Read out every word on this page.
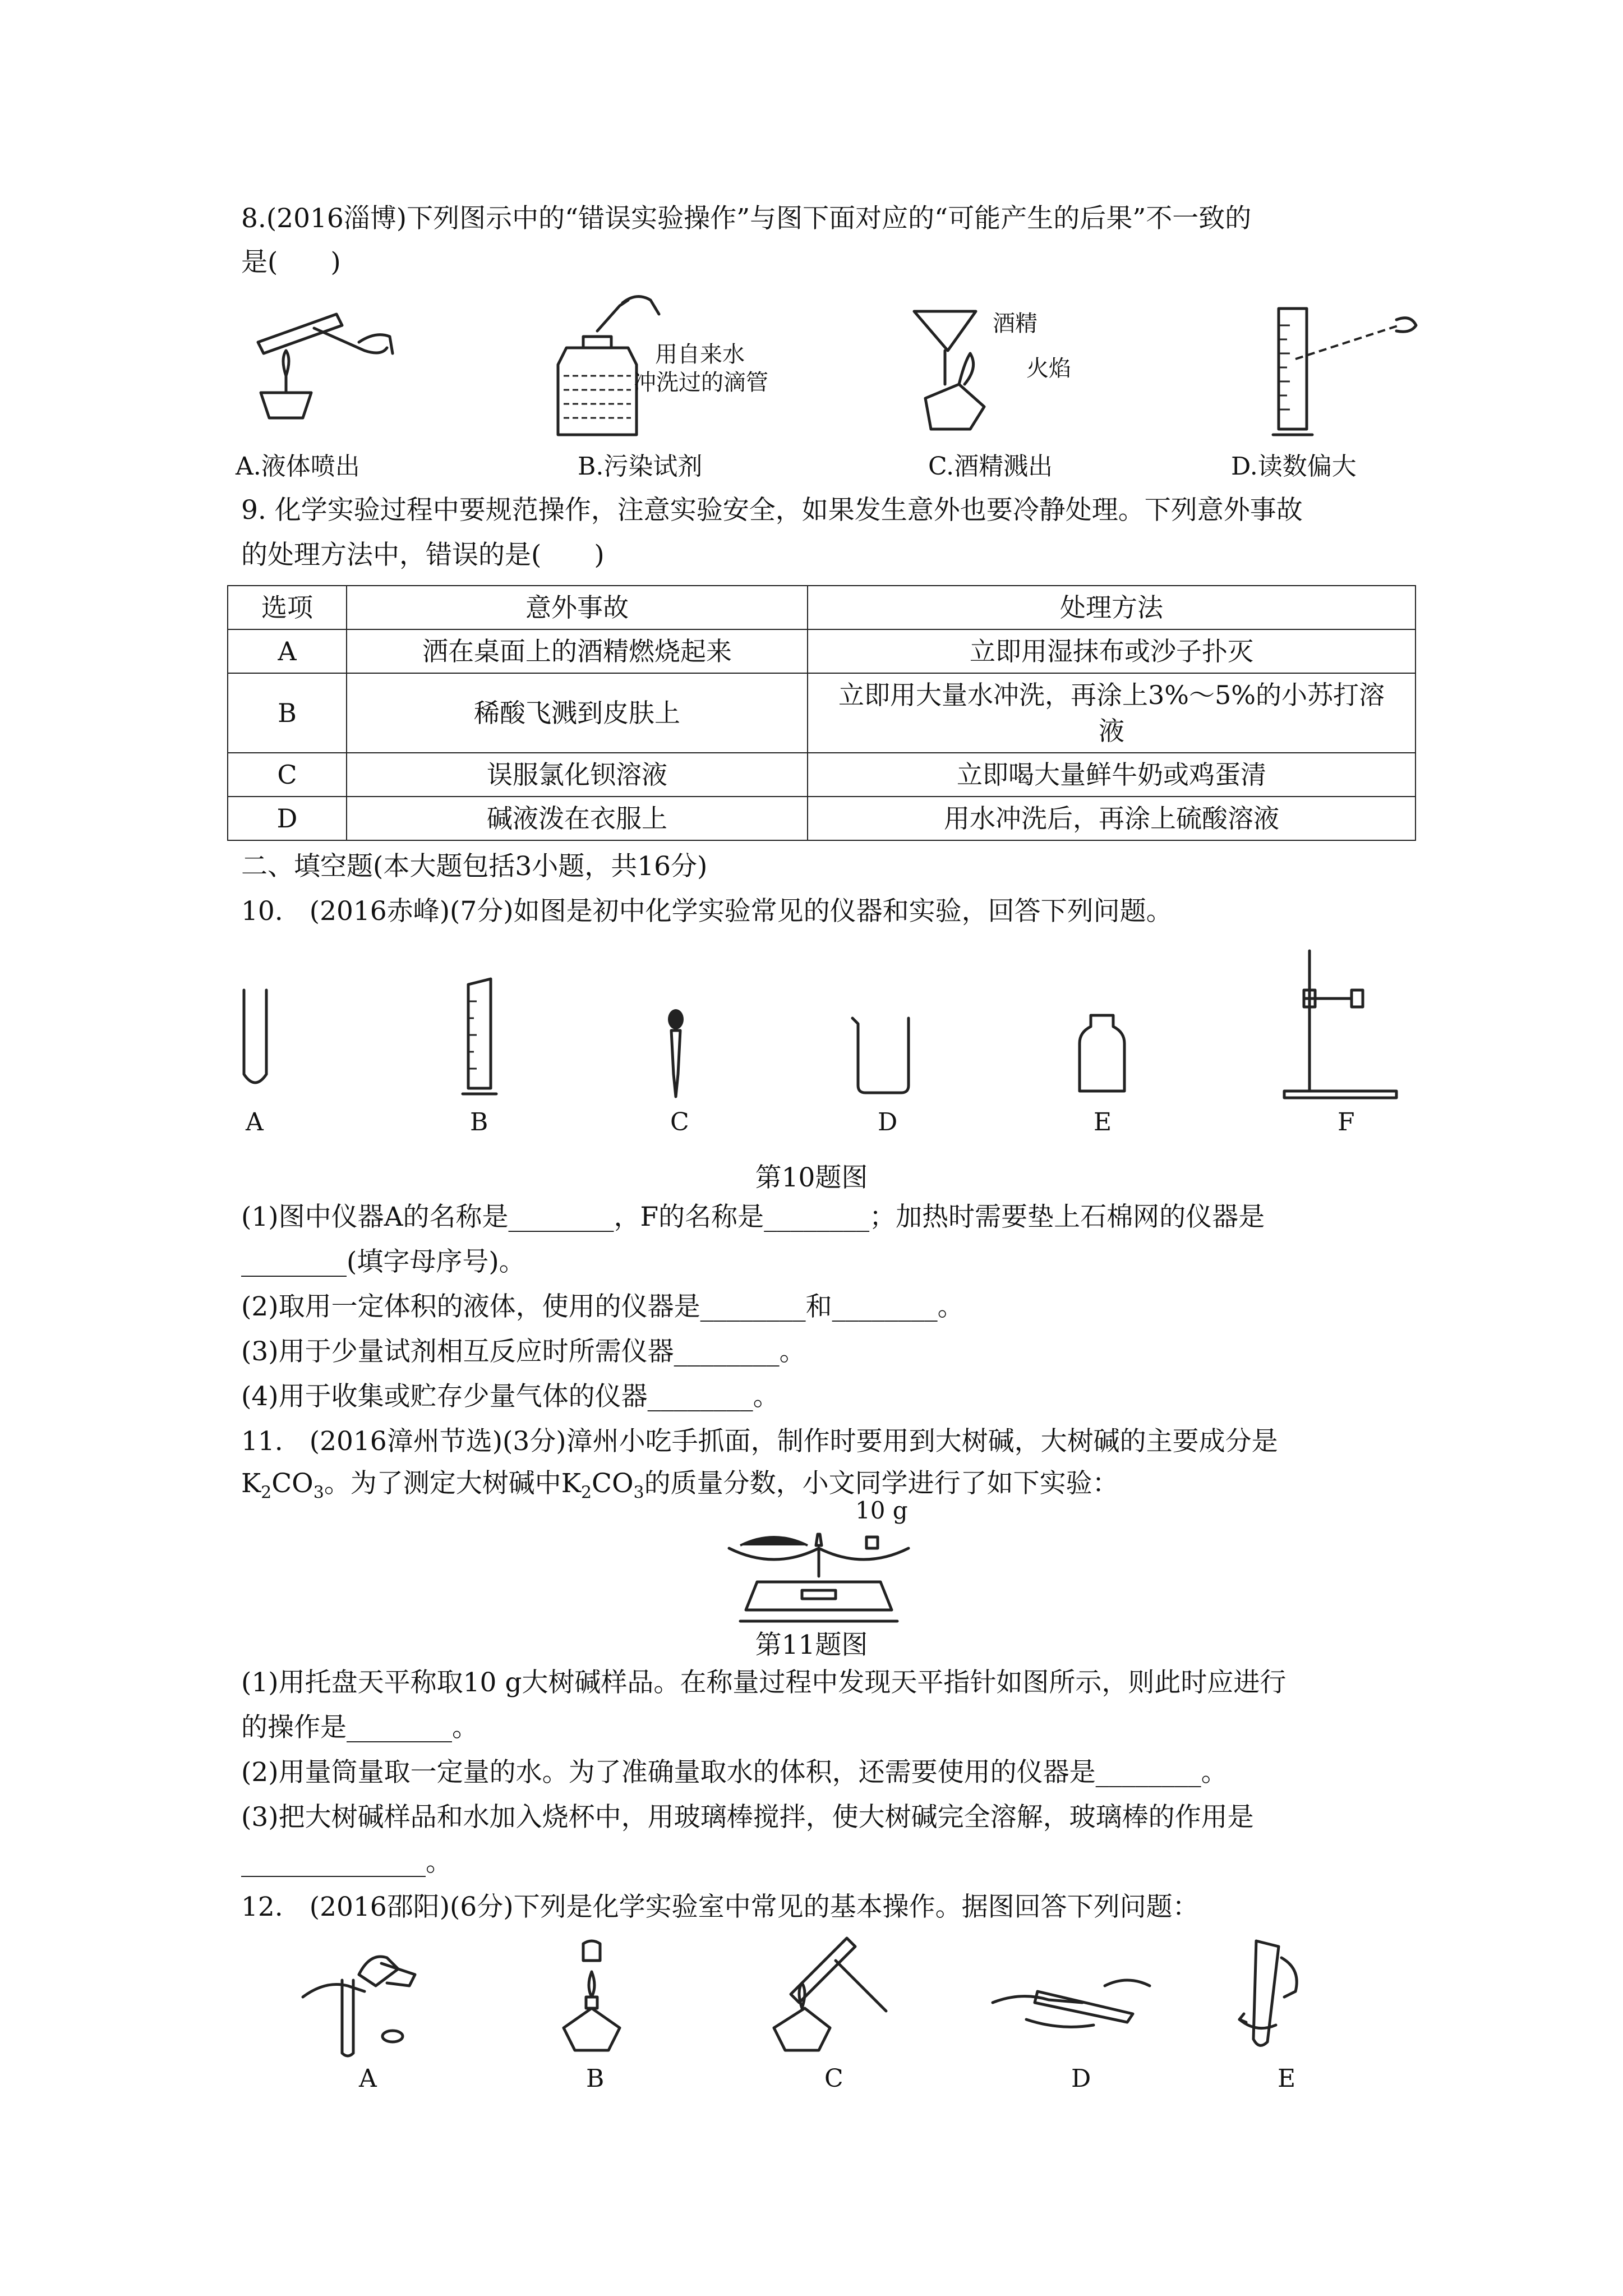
8.(2016淄博)下列图示中的“错误实验操作”与图下面对应的“可能产生的后果”不一致的
是(　　)
A.液体喷出
用自来水
冲洗过的滴管
B.污染试剂
酒精
火焰
C.酒精溅出	D.读数偏大
9. 化学实验过程中要规范操作，注意实验安全，如果发生意外也要冷静处理。下列意外事故
的处理方法中，错误的是(　　)
选项	意外事故	处理方法
A	洒在桌面上的酒精燃烧起来	立即用湿抹布或沙子扑灭
B	稀酸飞溅到皮肤上	立即用大量水冲洗，再涂上3%～5%的小苏打溶
液
C	误服氯化钡溶液	立即喝大量鲜牛奶或鸡蛋清
D	碱液泼在衣服上	用水冲洗后，再涂上硫酸溶液
二、填空题(本大题包括3小题，共16分)
10.　(2016赤峰)(7分)如图是初中化学实验常见的仪器和实验，回答下列问题。
A	B	C	D	E	F
第10题图
(1)图中仪器A的名称是________，F的名称是________；加热时需要垫上石棉网的仪器是
________(填字母序号)。
(2)取用一定体积的液体，使用的仪器是________和________。
(3)用于少量试剂相互反应时所需仪器________。
(4)用于收集或贮存少量气体的仪器________。
11.　(2016漳州节选)(3分)漳州小吃手抓面，制作时要用到大树碱，大树碱的主要成分是
$K_2CO_3$。为了测定大树碱中$K_2CO_3$的质量分数，小文同学进行了如下实验：
10 g
第11题图
(1)用托盘天平称取10 g大树碱样品。在称量过程中发现天平指针如图所示，则此时应进行
的操作是________。
(2)用量筒量取一定量的水。为了准确量取水的体积，还需要使用的仪器是________。
(3)把大树碱样品和水加入烧杯中，用玻璃棒搅拌，使大树碱完全溶解，玻璃棒的作用是
______________。
12.　(2016邵阳)(6分)下列是化学实验室中常见的基本操作。据图回答下列问题：
A	B	C	D	E
